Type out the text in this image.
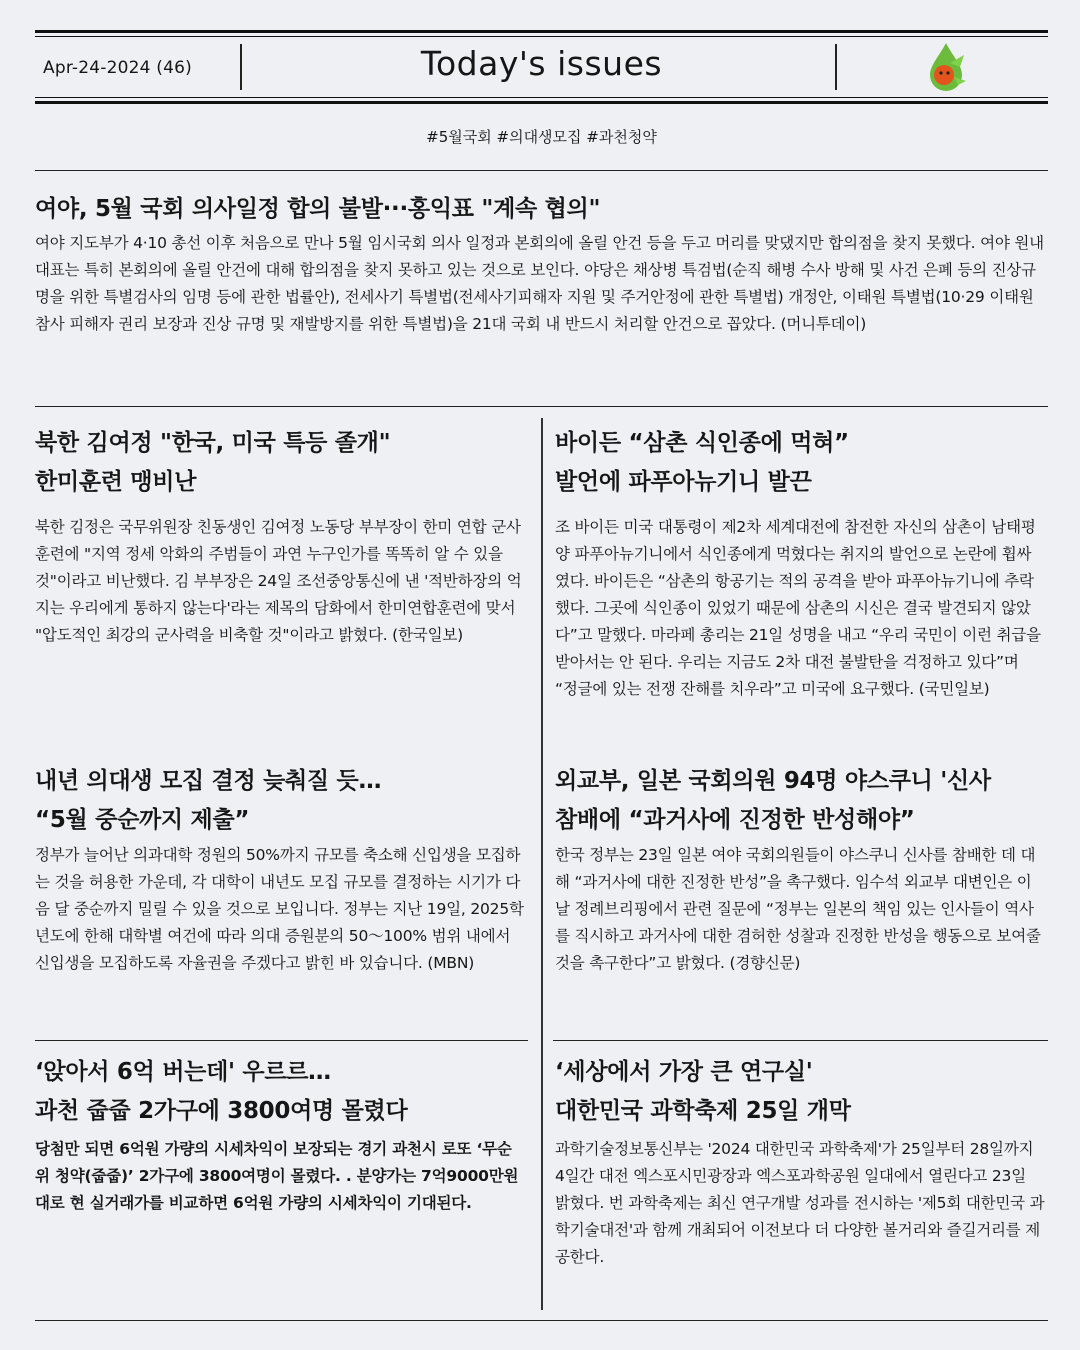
Apr-24-2024 (46)	Today's issues
#5월국회 #의대생모집 #과천청약
여야, 5월 국회 의사일정 합의 불발···홍익표 "계속 협의"

여야 지도부가 4·10 총선 이후 처음으로 만나 5월 임시국회 의사 일정과 본회의에 올릴 안건 등을 두고 머리를 맞댔지만 합의점을 찾지 못했다. 여야 원내대표는 특히 본회의에 올릴 안건에 대해 합의점을 찾지 못하고 있는 것으로 보인다. 야당은 채상병 특검법(순직 해병 수사 방해 및 사건 은폐 등의 진상규명을 위한 특별검사의 임명 등에 관한 법률안), 전세사기 특별법(전세사기피해자 지원 및 주거안정에 관한 특별법) 개정안, 이태원 특별법(10·29 이태원 참사 피해자 권리 보장과 진상 규명 및 재발방지를 위한 특별법)을 21대 국회 내 반드시 처리할 안건으로 꼽았다. (머니투데이)

북한 김여정 "한국, 미국 특등 졸개"
한미훈련 맹비난

북한 김정은 국무위원장 친동생인 김여정 노동당 부부장이 한미 연합 군사훈련에 "지역 정세 악화의 주범들이 과연 누구인가를 똑똑히 알 수 있을 것"이라고 비난했다. 김 부부장은 24일 조선중앙통신에 낸 '적반하장의 억지는 우리에게 통하지 않는다'라는 제목의 담화에서 한미연합훈련에 맞서 "압도적인 최강의 군사력을 비축할 것"이라고 밝혔다. (한국일보)

내년 의대생 모집 결정 늦춰질 듯…
“5월 중순까지 제출”

정부가 늘어난 의과대학 정원의 50%까지 규모를 축소해 신입생을 모집하는 것을 허용한 가운데, 각 대학이 내년도 모집 규모를 결정하는 시기가 다음 달 중순까지 밀릴 수 있을 것으로 보입니다. 정부는 지난 19일, 2025학년도에 한해 대학별 여건에 따라 의대 증원분의 50～100% 범위 내에서 신입생을 모집하도록 자율권을 주겠다고 밝힌 바 있습니다. (MBN)

‘앉아서 6억 버는데' 우르르…
과천 줍줍 2가구에 3800여명 몰렸다

당첨만 되면 6억원 가량의 시세차익이 보장되는 경기 과천시 로또 ‘무순위 청약(줍줍)’ 2가구에 3800여명이 몰렸다. . 분양가는 7억9000만원대로 현 실거래가를 비교하면 6억원 가량의 시세차익이 기대된다.

바이든 “삼촌 식인종에 먹혀”
발언에 파푸아뉴기니 발끈

조 바이든 미국 대통령이 제2차 세계대전에 참전한 자신의 삼촌이 남태평양 파푸아뉴기니에서 식인종에게 먹혔다는 취지의 발언으로 논란에 휩싸였다. 바이든은 “삼촌의 항공기는 적의 공격을 받아 파푸아뉴기니에 추락했다. 그곳에 식인종이 있었기 때문에 삼촌의 시신은 결국 발견되지 않았다”고 말했다. 마라페 총리는 21일 성명을 내고 “우리 국민이 이런 취급을 받아서는 안 된다. 우리는 지금도 2차 대전 불발탄을 걱정하고 있다”며 “정글에 있는 전쟁 잔해를 치우라”고 미국에 요구했다. (국민일보)

외교부, 일본 국회의원 94명 야스쿠니 '신사
참배에 “과거사에 진정한 반성해야”

한국 정부는 23일 일본 여야 국회의원들이 야스쿠니 신사를 참배한 데 대해 “과거사에 대한 진정한 반성”을 촉구했다. 임수석 외교부 대변인은 이날 정례브리핑에서 관련 질문에 “정부는 일본의 책임 있는 인사들이 역사를 직시하고 과거사에 대한 겸허한 성찰과 진정한 반성을 행동으로 보여줄 것을 촉구한다”고 밝혔다. (경향신문)

‘세상에서 가장 큰 연구실'
대한민국 과학축제 25일 개막

과학기술정보통신부는 '2024 대한민국 과학축제'가 25일부터 28일까지 4일간 대전 엑스포시민광장과 엑스포과학공원 일대에서 열린다고 23일 밝혔다. 번 과학축제는 최신 연구개발 성과를 전시하는 '제5회 대한민국 과학기술대전'과 함께 개최되어 이전보다 더 다양한 볼거리와 즐길거리를 제공한다.
